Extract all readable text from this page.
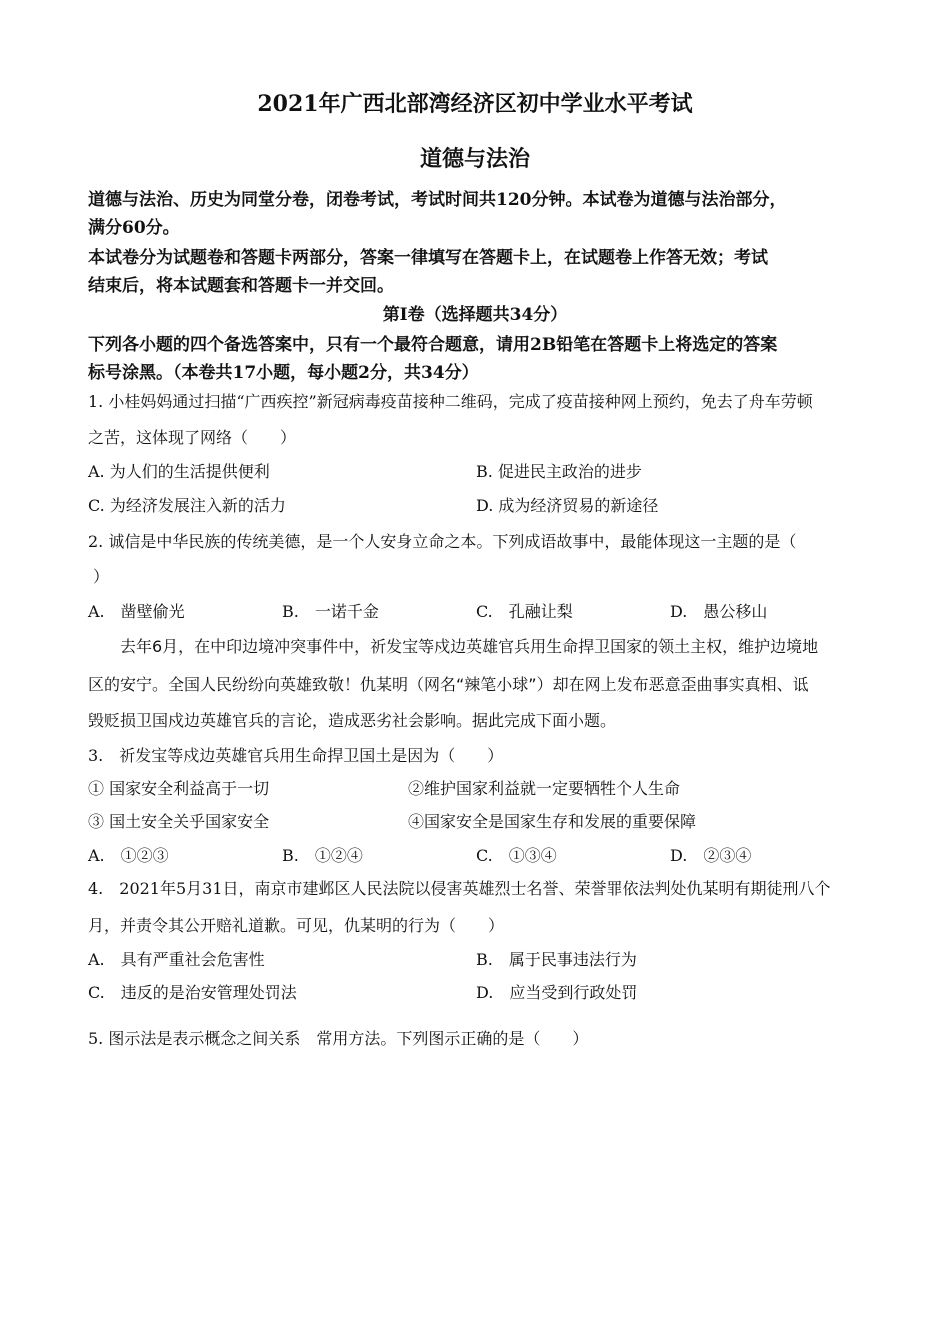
2021年广西北部湾经济区初中学业水平考试
道德与法治
道德与法治、历史为同堂分卷，闭卷考试，考试时间共120分钟。本试卷为道德与法治部分，
满分60分。
本试卷分为试题卷和答题卡两部分，答案一律填写在答题卡上，在试题卷上作答无效；考试
结束后，将本试题套和答题卡一并交回。
第Ⅰ卷（选择题共34分）
下列各小题的四个备选答案中，只有一个最符合题意，请用2B铅笔在答题卡上将选定的答案
标号涂黑。（本卷共17小题，每小题2分，共34分）
1. 小桂妈妈通过扫描“广西疾控”新冠病毒疫苗接种二维码，完成了疫苗接种网上预约，免去了舟车劳顿
之苦，这体现了网络（　　）
A. 为人们的生活提供便利	B. 促进民主政治的进步
C. 为经济发展注入新的活力	D. 成为经济贸易的新途径
2. 诚信是中华民族的传统美德，是一个人安身立命之本。下列成语故事中，最能体现这一主题的是（
）
A.　凿壁偷光	B.　一诺千金	C.　孔融让梨	D.　愚公移山
去年6月，在中印边境冲突事件中，祈发宝等戍边英雄官兵用生命捍卫国家的领土主权，维护边境地
区的安宁。全国人民纷纷向英雄致敬！仇某明（网名“辣笔小球”）却在网上发布恶意歪曲事实真相、诋
毁贬损卫国戍边英雄官兵的言论，造成恶劣社会影响。据此完成下面小题。
3.　祈发宝等戍边英雄官兵用生命捍卫国土是因为（　　）
① 国家安全利益高于一切	②维护国家利益就一定要牺牲个人生命
③ 国土安全关乎国家安全	④国家安全是国家生存和发展的重要保障
A.　①②③	B.　①②④	C.　①③④	D.　②③④
4.　2021年5月31日，南京市建邺区人民法院以侵害英雄烈士名誉、荣誉罪依法判处仇某明有期徒刑八个
月，并责令其公开赔礼道歉。可见，仇某明的行为（　　）
A.　具有严重社会危害性	B.　属于民事违法行为
C.　违反的是治安管理处罚法	D.　应当受到行政处罚
5. 图示法是表示概念之间关系　常用方法。下列图示正确的是（　　）
